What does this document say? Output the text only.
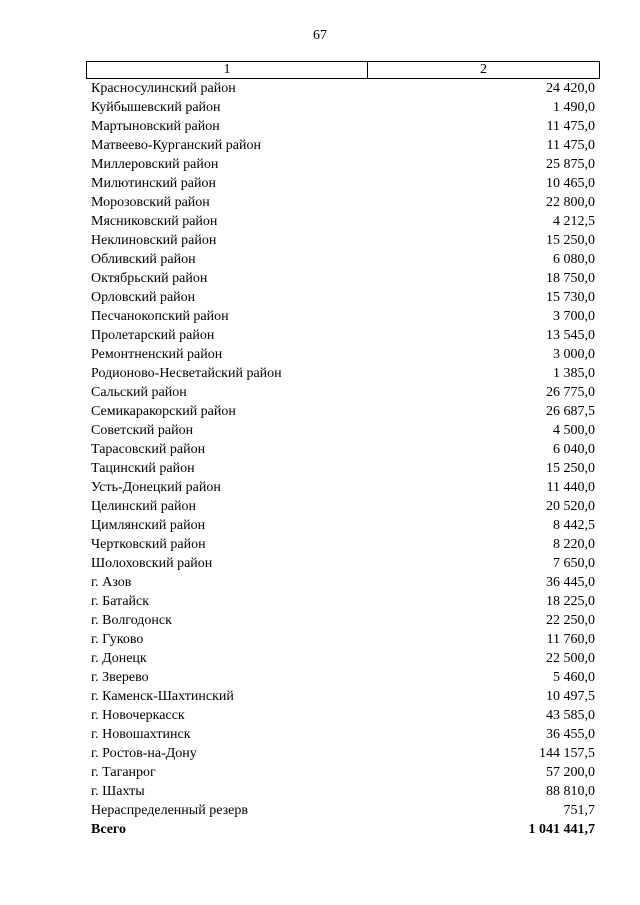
67
1	2
Красносулинский район	24 420,0
Куйбышевский район	1 490,0
Мартыновский район	11 475,0
Матвеево-Курганский район	11 475,0
Миллеровский район	25 875,0
Милютинский район	10 465,0
Морозовский район	22 800,0
Мясниковский район	4 212,5
Неклиновский район	15 250,0
Обливский район	6 080,0
Октябрьский район	18 750,0
Орловский район	15 730,0
Песчанокопский район	3 700,0
Пролетарский район	13 545,0
Ремонтненский район	3 000,0
Родионово-Несветайский район	1 385,0
Сальский район	26 775,0
Семикаракорский район	26 687,5
Советский район	4 500,0
Тарасовский район	6 040,0
Тацинский район	15 250,0
Усть-Донецкий район	11 440,0
Целинский район	20 520,0
Цимлянский район	8 442,5
Чертковский район	8 220,0
Шолоховский район	7 650,0
г. Азов	36 445,0
г. Батайск	18 225,0
г. Волгодонск	22 250,0
г. Гуково	11 760,0
г. Донецк	22 500,0
г. Зверево	5 460,0
г. Каменск-Шахтинский	10 497,5
г. Новочеркасск	43 585,0
г. Новошахтинск	36 455,0
г. Ростов-на-Дону	144 157,5
г. Таганрог	57 200,0
г. Шахты	88 810,0
Нераспределенный резерв	751,7
Всего	1 041 441,7
